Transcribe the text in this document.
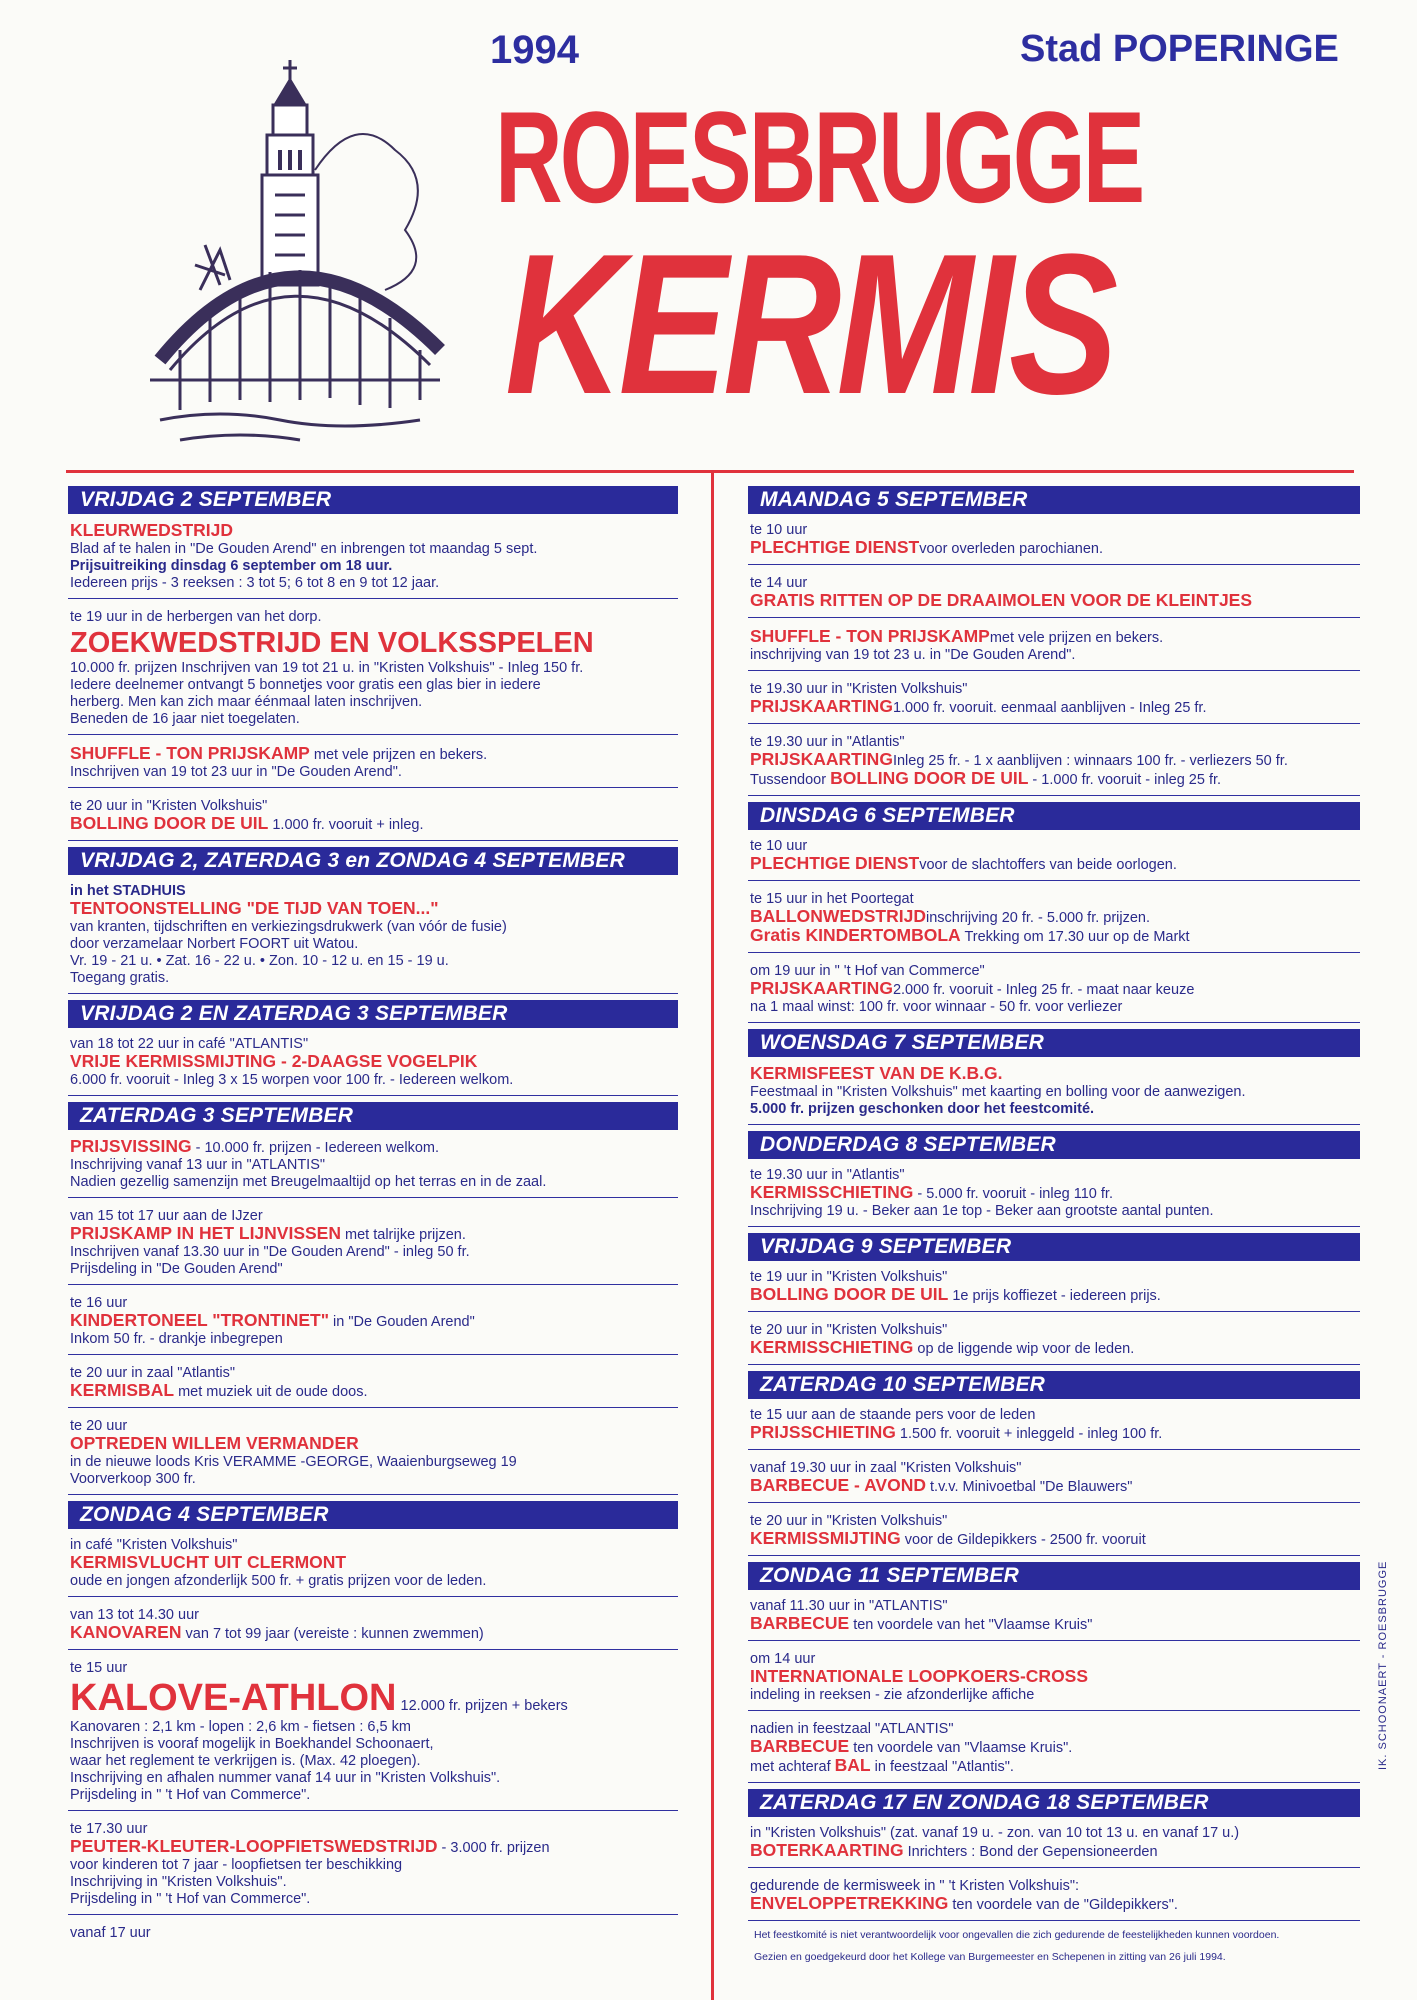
1994	Stad POPERINGE
ROESBRUGGE
KERMIS
VRIJDAG 2 SEPTEMBER
KLEURWEDSTRIJD
Blad af te halen in "De Gouden Arend" en inbrengen tot maandag 5 sept.
Prijsuitreiking dinsdag 6 september om 18 uur.
Iedereen prijs - 3 reeksen : 3 tot 5; 6 tot 8 en 9 tot 12 jaar.
te 19 uur in de herbergen van het dorp.
ZOEKWEDSTRIJD EN VOLKSSPELEN
10.000 fr. prijzen Inschrijven van 19 tot 21 u. in "Kristen Volkshuis" - Inleg 150 fr.
Iedere deelnemer ontvangt 5 bonnetjes voor gratis een glas bier in iedere
herberg. Men kan zich maar éénmaal laten inschrijven.
Beneden de 16 jaar niet toegelaten.
SHUFFLE - TON PRIJSKAMP met vele prijzen en bekers.
Inschrijven van 19 tot 23 uur in "De Gouden Arend".
te 20 uur in "Kristen Volkshuis"
BOLLING DOOR DE UIL 1.000 fr. vooruit + inleg.
VRIJDAG 2, ZATERDAG 3 en ZONDAG 4 SEPTEMBER
in het STADHUIS
TENTOONSTELLING "DE TIJD VAN TOEN..."
van kranten, tijdschriften en verkiezingsdrukwerk (van vóór de fusie)
door verzamelaar Norbert FOORT uit Watou.
Vr. 19 - 21 u. • Zat. 16 - 22 u. • Zon. 10 - 12 u. en 15 - 19 u.
Toegang gratis.
VRIJDAG 2 EN ZATERDAG 3 SEPTEMBER
van 18 tot 22 uur in café "ATLANTIS"
VRIJE KERMISSMIJTING - 2-DAAGSE VOGELPIK
6.000 fr. vooruit - Inleg 3 x 15 worpen voor 100 fr. - Iedereen welkom.
ZATERDAG 3 SEPTEMBER
PRIJSVISSING - 10.000 fr. prijzen - Iedereen welkom.
Inschrijving vanaf 13 uur in "ATLANTIS"
Nadien gezellig samenzijn met Breugelmaaltijd op het terras en in de zaal.
van 15 tot 17 uur aan de IJzer
PRIJSKAMP IN HET LIJNVISSEN met talrijke prijzen.
Inschrijven vanaf 13.30 uur in "De Gouden Arend" - inleg 50 fr.
Prijsdeling in "De Gouden Arend"
te 16 uur
KINDERTONEEL "TRONTINET" in "De Gouden Arend"
Inkom 50 fr. - drankje inbegrepen
te 20 uur in zaal "Atlantis"
KERMISBAL met muziek uit de oude doos.
te 20 uur
OPTREDEN WILLEM VERMANDER
in de nieuwe loods Kris VERAMME -GEORGE, Waaienburgseweg 19
Voorverkoop 300 fr.
ZONDAG 4 SEPTEMBER
in café "Kristen Volkshuis"
KERMISVLUCHT UIT CLERMONT
oude en jongen afzonderlijk 500 fr. + gratis prijzen voor de leden.
van 13 tot 14.30 uur
KANOVAREN van 7 tot 99 jaar (vereiste : kunnen zwemmen)
te 15 uur
KALOVE-ATHLON 12.000 fr. prijzen + bekers
Kanovaren : 2,1 km - lopen : 2,6 km - fietsen : 6,5 km
Inschrijven is vooraf mogelijk in Boekhandel Schoonaert,
waar het reglement te verkrijgen is. (Max. 42 ploegen).
Inschrijving en afhalen nummer vanaf 14 uur in "Kristen Volkshuis".
Prijsdeling in " 't Hof van Commerce".
te 17.30 uur
PEUTER-KLEUTER-LOOPFIETSWEDSTRIJD - 3.000 fr. prijzen
voor kinderen tot 7 jaar - loopfietsen ter beschikking
Inschrijving in "Kristen Volkshuis".
Prijsdeling in " 't Hof van Commerce".
vanaf 17 uur
MAANDAG 5 SEPTEMBER
te 10 uur
PLECHTIGE DIENSTvoor overleden parochianen.
te 14 uur
GRATIS RITTEN OP DE DRAAIMOLEN VOOR DE KLEINTJES
SHUFFLE - TON PRIJSKAMPmet vele prijzen en bekers.
inschrijving van 19 tot 23 u. in "De Gouden Arend".
te 19.30 uur in "Kristen Volkshuis"
PRIJSKAARTING1.000 fr. vooruit. eenmaal aanblijven - Inleg 25 fr.
te 19.30 uur in "Atlantis"
PRIJSKAARTINGInleg 25 fr. - 1 x aanblijven : winnaars 100 fr. - verliezers 50 fr.
Tussendoor BOLLING DOOR DE UIL - 1.000 fr. vooruit - inleg 25 fr.
DINSDAG 6 SEPTEMBER
te 10 uur
PLECHTIGE DIENSTvoor de slachtoffers van beide oorlogen.
te 15 uur in het Poortegat
BALLONWEDSTRIJDinschrijving 20 fr. - 5.000 fr. prijzen.
Gratis KINDERTOMBOLA Trekking om 17.30 uur op de Markt
om 19 uur in " 't Hof van Commerce"
PRIJSKAARTING2.000 fr. vooruit - Inleg 25 fr. - maat naar keuze
na 1 maal winst: 100 fr. voor winnaar - 50 fr. voor verliezer
WOENSDAG 7 SEPTEMBER
KERMISFEEST VAN DE K.B.G.
Feestmaal in "Kristen Volkshuis" met kaarting en bolling voor de aanwezigen.
5.000 fr. prijzen geschonken door het feestcomité.
DONDERDAG 8 SEPTEMBER
te 19.30 uur in "Atlantis"
KERMISSCHIETING - 5.000 fr. vooruit - inleg 110 fr.
Inschrijving 19 u. - Beker aan 1e top - Beker aan grootste aantal punten.
VRIJDAG 9 SEPTEMBER
te 19 uur in "Kristen Volkshuis"
BOLLING DOOR DE UIL 1e prijs koffiezet - iedereen prijs.
te 20 uur in "Kristen Volkshuis"
KERMISSCHIETING op de liggende wip voor de leden.
ZATERDAG 10 SEPTEMBER
te 15 uur aan de staande pers voor de leden
PRIJSSCHIETING 1.500 fr. vooruit + inleggeld - inleg 100 fr.
vanaf 19.30 uur in zaal "Kristen Volkshuis"
BARBECUE - AVOND t.v.v. Minivoetbal "De Blauwers"
te 20 uur in "Kristen Volkshuis"
KERMISSMIJTING voor de Gildepikkers - 2500 fr. vooruit
ZONDAG 11 SEPTEMBER
vanaf 11.30 uur in "ATLANTIS"
BARBECUE ten voordele van het "Vlaamse Kruis"
om 14 uur
INTERNATIONALE LOOPKOERS-CROSS
indeling in reeksen - zie afzonderlijke affiche
nadien in feestzaal "ATLANTIS"
BARBECUE ten voordele van "Vlaamse Kruis".
met achteraf BAL in feestzaal "Atlantis".
ZATERDAG 17 EN ZONDAG 18 SEPTEMBER
in "Kristen Volkshuis" (zat. vanaf 19 u. - zon. van 10 tot 13 u. en vanaf 17 u.)
BOTERKAARTING Inrichters : Bond der Gepensioneerden
gedurende de kermisweek in " 't Kristen Volkshuis":
ENVELOPPETREKKING ten voordele van de "Gildepikkers".
Het feestkomité is niet verantwoordelijk voor ongevallen die zich gedurende de feestelijkheden kunnen voordoen.
Gezien en goedgekeurd door het Kollege van Burgemeester en Schepenen in zitting van 26 juli 1994.
IK. SCHOONAERT - ROESBRUGGE
